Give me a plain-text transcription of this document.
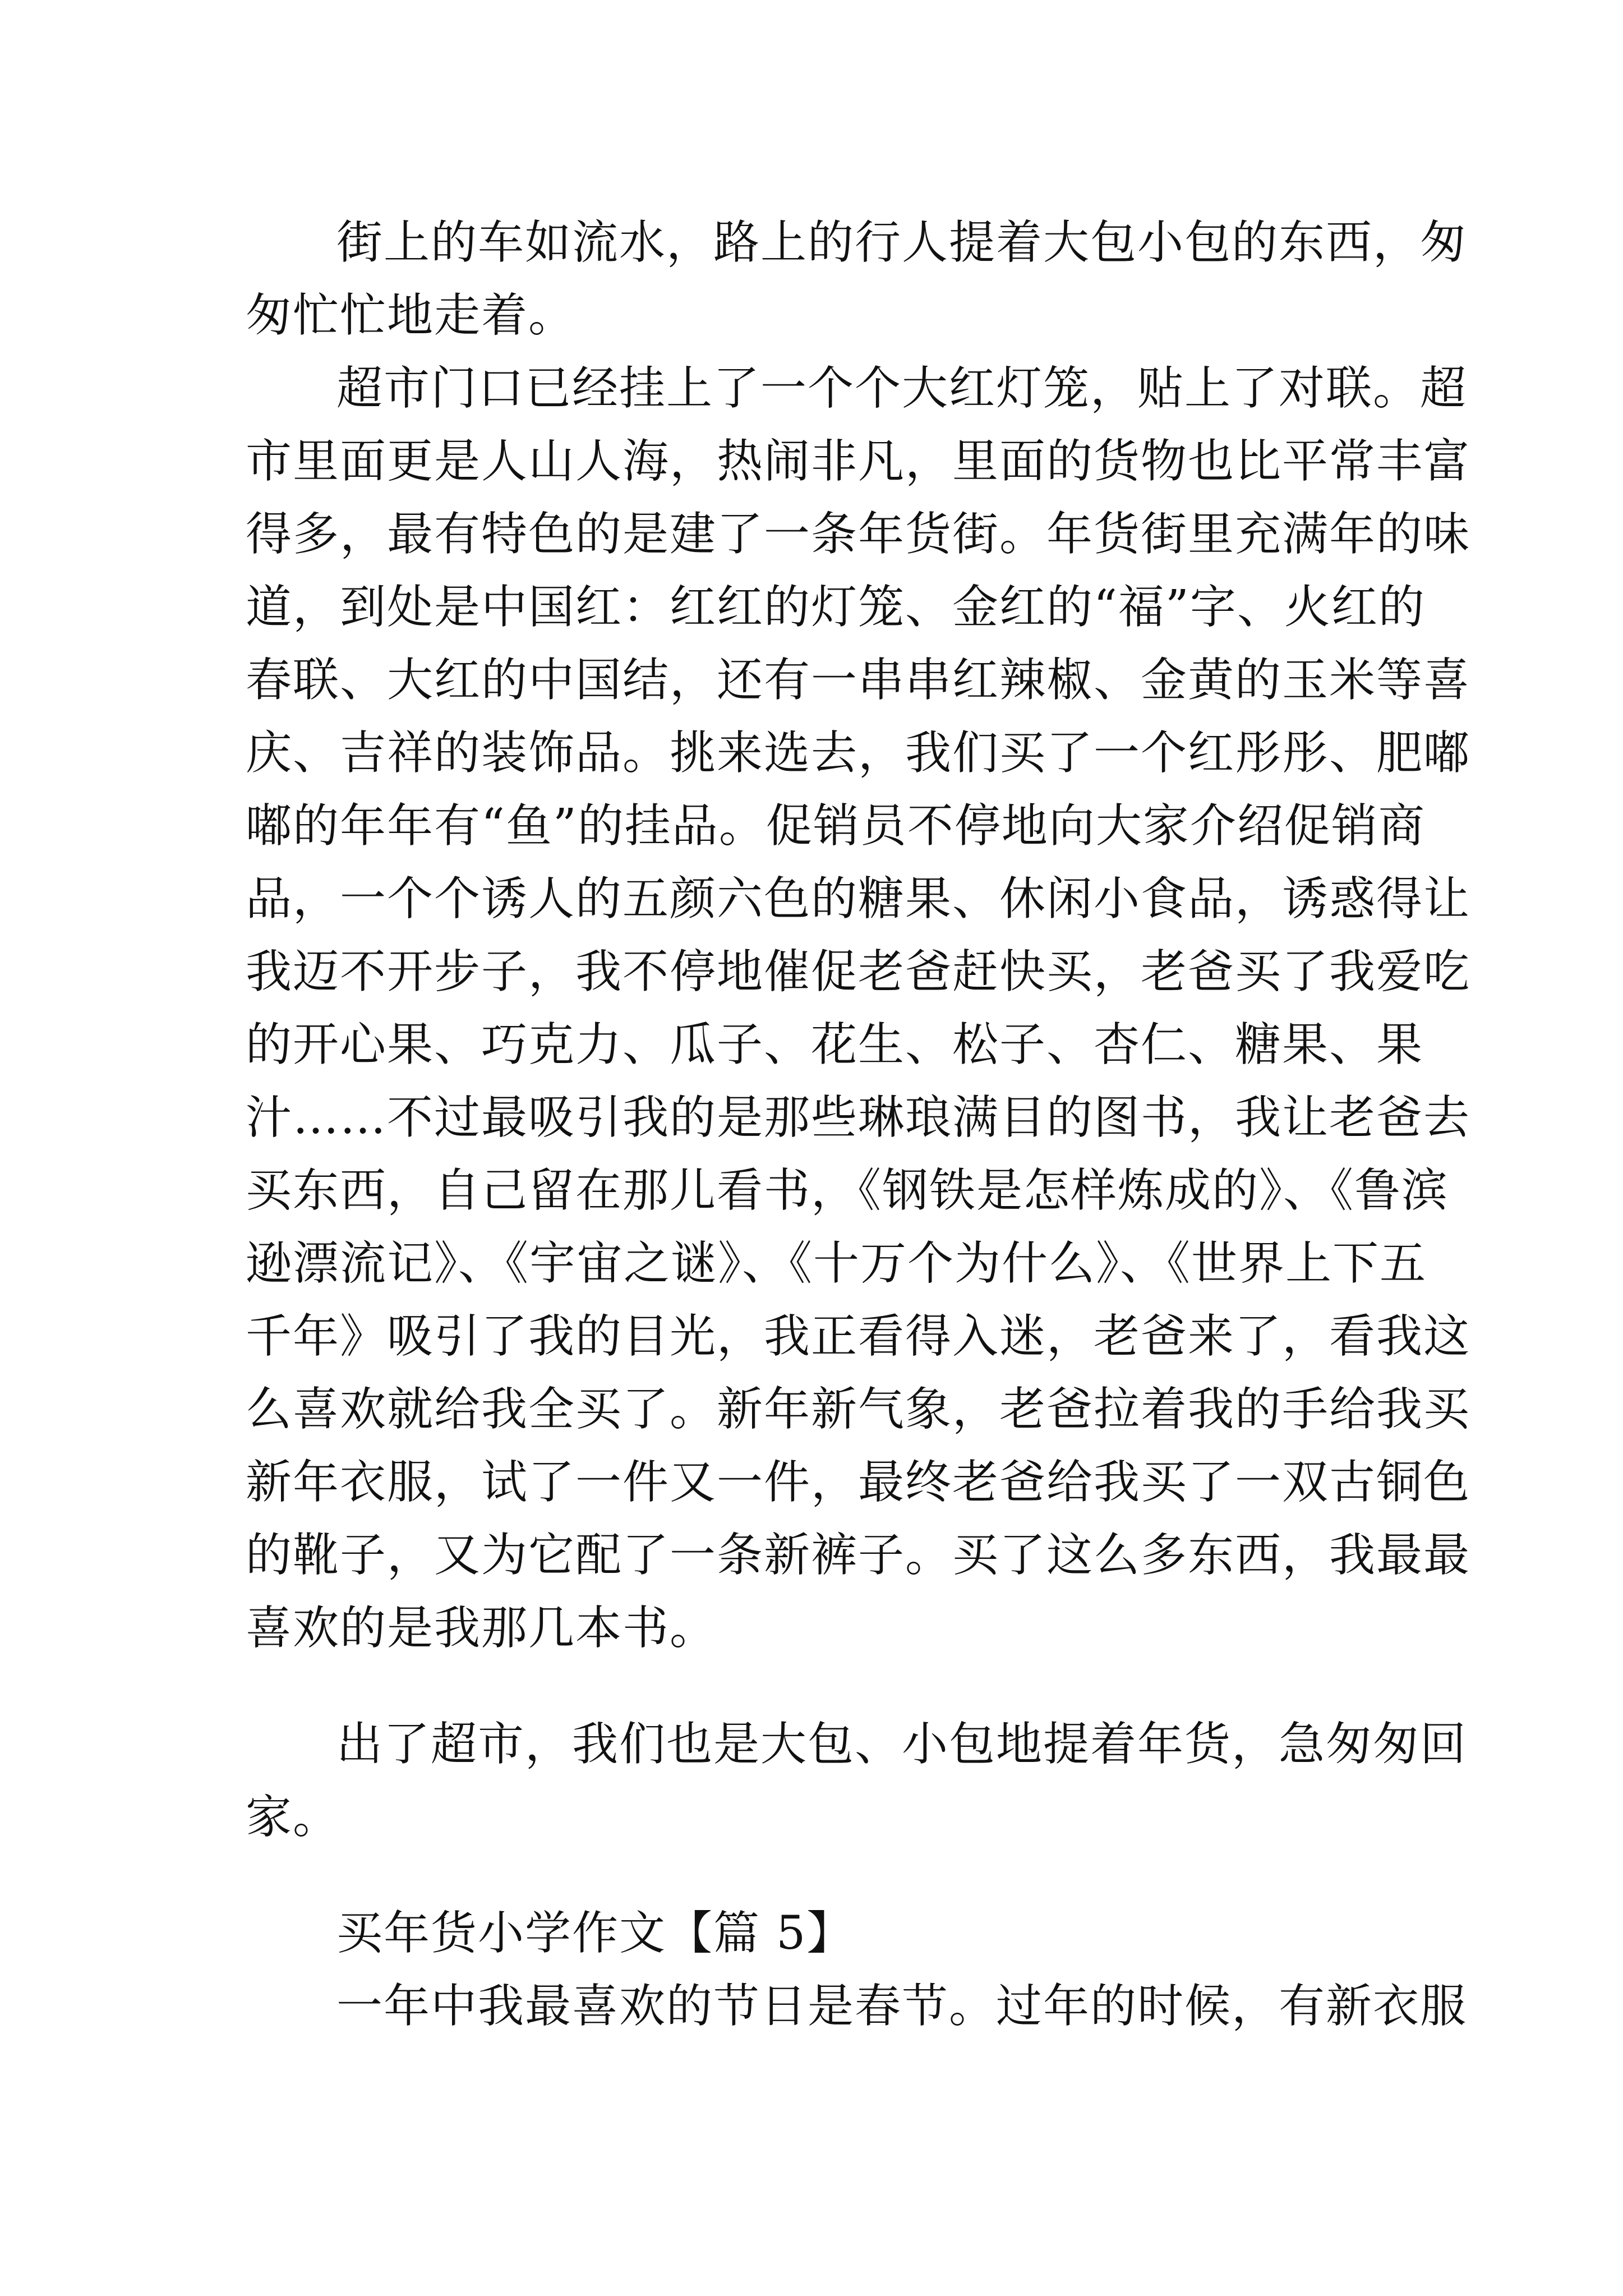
街上的车如流水，路上的行人提着大包小包的东西，匆
匆忙忙地走着。
超市门口已经挂上了一个个大红灯笼，贴上了对联。超
市里面更是人山人海，热闹非凡，里面的货物也比平常丰富
得多，最有特色的是建了一条年货街。年货街里充满年的味
道，到处是中国红：红红的灯笼、金红的“福”字、火红的
春联、大红的中国结，还有一串串红辣椒、金黄的玉米等喜
庆、吉祥的装饰品。挑来选去，我们买了一个红彤彤、肥嘟
嘟的年年有“鱼”的挂品。促销员不停地向大家介绍促销商
品，一个个诱人的五颜六色的糖果、休闲小食品，诱惑得让
我迈不开步子，我不停地催促老爸赶快买，老爸买了我爱吃
的开心果、巧克力、瓜子、花生、松子、杏仁、糖果、果
汁……不过最吸引我的是那些琳琅满目的图书，我让老爸去
买东西，自己留在那儿看书，《钢铁是怎样炼成的》、《鲁滨
逊漂流记》、《宇宙之谜》、《十万个为什么》、《世界上下五
千年》吸引了我的目光，我正看得入迷，老爸来了，看我这
么喜欢就给我全买了。新年新气象，老爸拉着我的手给我买
新年衣服，试了一件又一件，最终老爸给我买了一双古铜色
的靴子，又为它配了一条新裤子。买了这么多东西，我最最
喜欢的是我那几本书。
出了超市，我们也是大包、小包地提着年货，急匆匆回
家。
买年货小学作文【篇 5】
一年中我最喜欢的节日是春节。过年的时候，有新衣服
